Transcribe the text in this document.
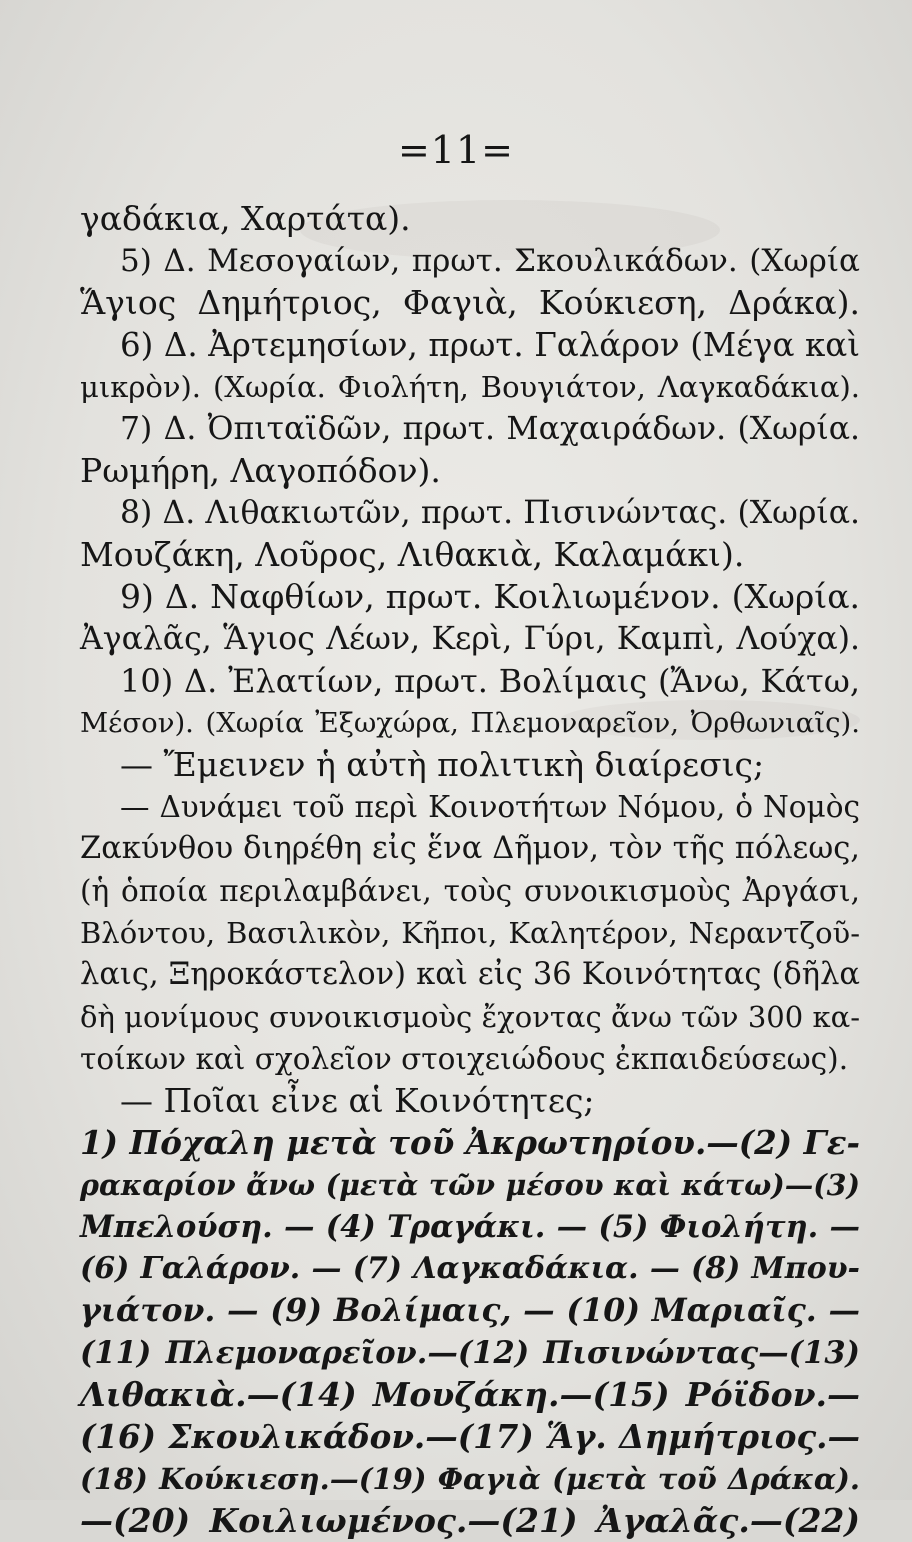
=11=
γαδάκια, Χαρτάτα).
5) Δ. Μεσογαίων, πρωτ. Σκουλικάδων. (Χωρία
Ἅγιος Δημήτριος, Φαγιὰ, Κούκιεση, Δράκα).
6) Δ. Ἀρτεμησίων, πρωτ. Γαλάρον (Μέγα καὶ
μικρὸν). (Χωρία. Φιολήτη, Βουγιάτον, Λαγκαδάκια).
7) Δ. Ὀπιταϊδῶν, πρωτ. Μαχαιράδων. (Χωρία.
Ρωμήρη, Λαγοπόδον).
8) Δ. Λιθακιωτῶν, πρωτ. Πισινώντας. (Χωρία.
Μουζάκη, Λοῦρος, Λιθακιὰ, Καλαμάκι).
9) Δ. Ναφθίων, πρωτ. Κοιλιωμένον. (Χωρία.
Ἀγαλᾶς, Ἅγιος Λέων, Κερὶ, Γύρι, Καμπὶ, Λούχα).
10) Δ. Ἐλατίων, πρωτ. Βολίμαις (Ἄνω, Κάτω,
Μέσον). (Χωρία Ἐξωχώρα, Πλεμοναρεῖον, Ὀρθωνιαῖς).
— Ἔμεινεν ἡ αὐτὴ πολιτικὴ διαίρεσις;
— Δυνάμει τοῦ περὶ Κοινοτήτων Νόμου, ὁ Νομὸς
Ζακύνθου διηρέθη εἰς ἕνα Δῆμον, τὸν τῆς πόλεως,
(ἡ ὁποία περιλαμβάνει, τοὺς συνοικισμοὺς Ἀργάσι,
Βλόντου, Βασιλικὸν, Κῆποι, Καλητέρον, Νεραντζοῦ-
λαις, Ξηροκάστελον) καὶ εἰς 36 Κοινότητας (δῆλα
δὴ μονίμους συνοικισμοὺς ἔχοντας ἄνω τῶν 300 κα-
τοίκων καὶ σχολεῖον στοιχειώδους ἐκπαιδεύσεως).
— Ποῖαι εἶνε αἱ Κοινότητες;
1) Πόχαλη μετὰ τοῦ Ἀκρωτηρίου.—(2) Γε-
ρακαρίον ἄνω (μετὰ τῶν μέσου καὶ κάτω)—(3)
Μπελούση. — (4) Τραγάκι. — (5) Φιολήτη. —
(6) Γαλάρον. — (7) Λαγκαδάκια. — (8) Μπου-
γιάτον. — (9) Βολίμαις, — (10) Μαριαῖς. —
(11) Πλεμοναρεῖον.—(12) Πισινώντας—(13)
Λιθακιὰ.—(14) Μουζάκη.—(15) Ρόϊδον.—
(16) Σκουλικάδον.—(17) Ἅγ. Δημήτριος.—
(18) Κούκιεση.—(19) Φαγιὰ (μετὰ τοῦ Δράκα).
—(20) Κοιλιωμένος.—(21) Ἀγαλᾶς.—(22)
